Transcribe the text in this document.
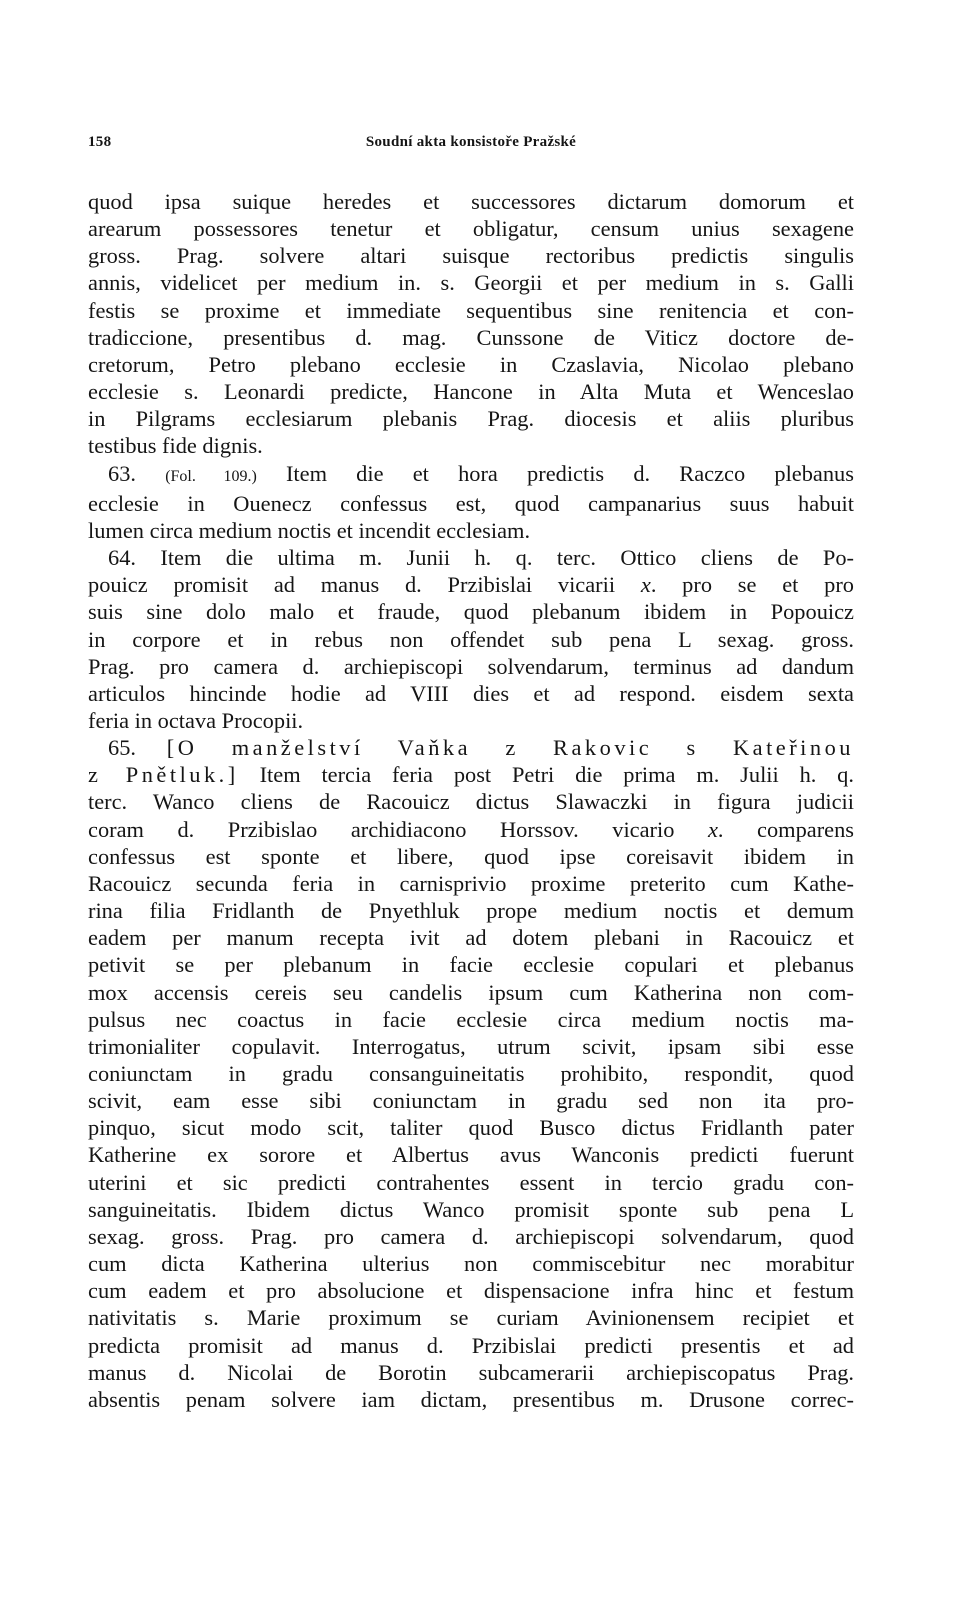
158	Soudní akta konsistoře Pražské
quod ipsa suique heredes et successores dictarum domorum et
arearum possessores tenetur et obligatur, censum unius sexagene
gross. Prag. solvere altari suisque rectoribus predictis singulis
annis, videlicet per medium in. s. Georgii et per medium in s. Galli
festis se proxime et immediate sequentibus sine renitencia et con-
tradiccione, presentibus d. mag. Cunssone de Viticz doctore de-
cretorum, Petro plebano ecclesie in Czaslavia, Nicolao plebano
ecclesie s. Leonardi predicte, Hancone in Alta Muta et Wenceslao
in Pilgrams ecclesiarum plebanis Prag. diocesis et aliis pluribus
testibus fide dignis.
63. (Fol. 109.) Item die et hora predictis d. Raczco plebanus
ecclesie in Ouenecz confessus est, quod campanarius suus habuit
lumen circa medium noctis et incendit ecclesiam.
64. Item die ultima m. Junii h. q. terc. Ottico cliens de Po-
pouicz promisit ad manus d. Przibislai vicarii x. pro se et pro
suis sine dolo malo et fraude, quod plebanum ibidem in Popouicz
in corpore et in rebus non offendet sub pena L sexag. gross.
Prag. pro camera d. archiepiscopi solvendarum, terminus ad dandum
articulos hincinde hodie ad VIII dies et ad respond. eisdem sexta
feria in octava Procopii.
65. [O manželství Vaňka z Rakovic s Kateřinou
z Pnětluk.] Item tercia feria post Petri die prima m. Julii h. q.
terc. Wanco cliens de Racouicz dictus Slawaczki in figura judicii
coram d. Przibislao archidiacono Horssov. vicario x. comparens
confessus est sponte et libere, quod ipse coreisavit ibidem in
Racouicz secunda feria in carnisprivio proxime preterito cum Kathe-
rina filia Fridlanth de Pnyethluk prope medium noctis et demum
eadem per manum recepta ivit ad dotem plebani in Racouicz et
petivit se per plebanum in facie ecclesie copulari et plebanus
mox accensis cereis seu candelis ipsum cum Katherina non com-
pulsus nec coactus in facie ecclesie circa medium noctis ma-
trimonialiter copulavit. Interrogatus, utrum scivit, ipsam sibi esse
coniunctam in gradu consanguineitatis prohibito, respondit, quod
scivit, eam esse sibi coniunctam in gradu sed non ita pro-
pinquo, sicut modo scit, taliter quod Busco dictus Fridlanth pater
Katherine ex sorore et Albertus avus Wanconis predicti fuerunt
uterini et sic predicti contrahentes essent in tercio gradu con-
sanguineitatis. Ibidem dictus Wanco promisit sponte sub pena L
sexag. gross. Prag. pro camera d. archiepiscopi solvendarum, quod
cum dicta Katherina ulterius non commiscebitur nec morabitur
cum eadem et pro absolucione et dispensacione infra hinc et festum
nativitatis s. Marie proximum se curiam Avinionensem recipiet et
predicta promisit ad manus d. Przibislai predicti presentis et ad
manus d. Nicolai de Borotin subcamerarii archiepiscopatus Prag.
absentis penam solvere iam dictam, presentibus m. Drusone correc-
